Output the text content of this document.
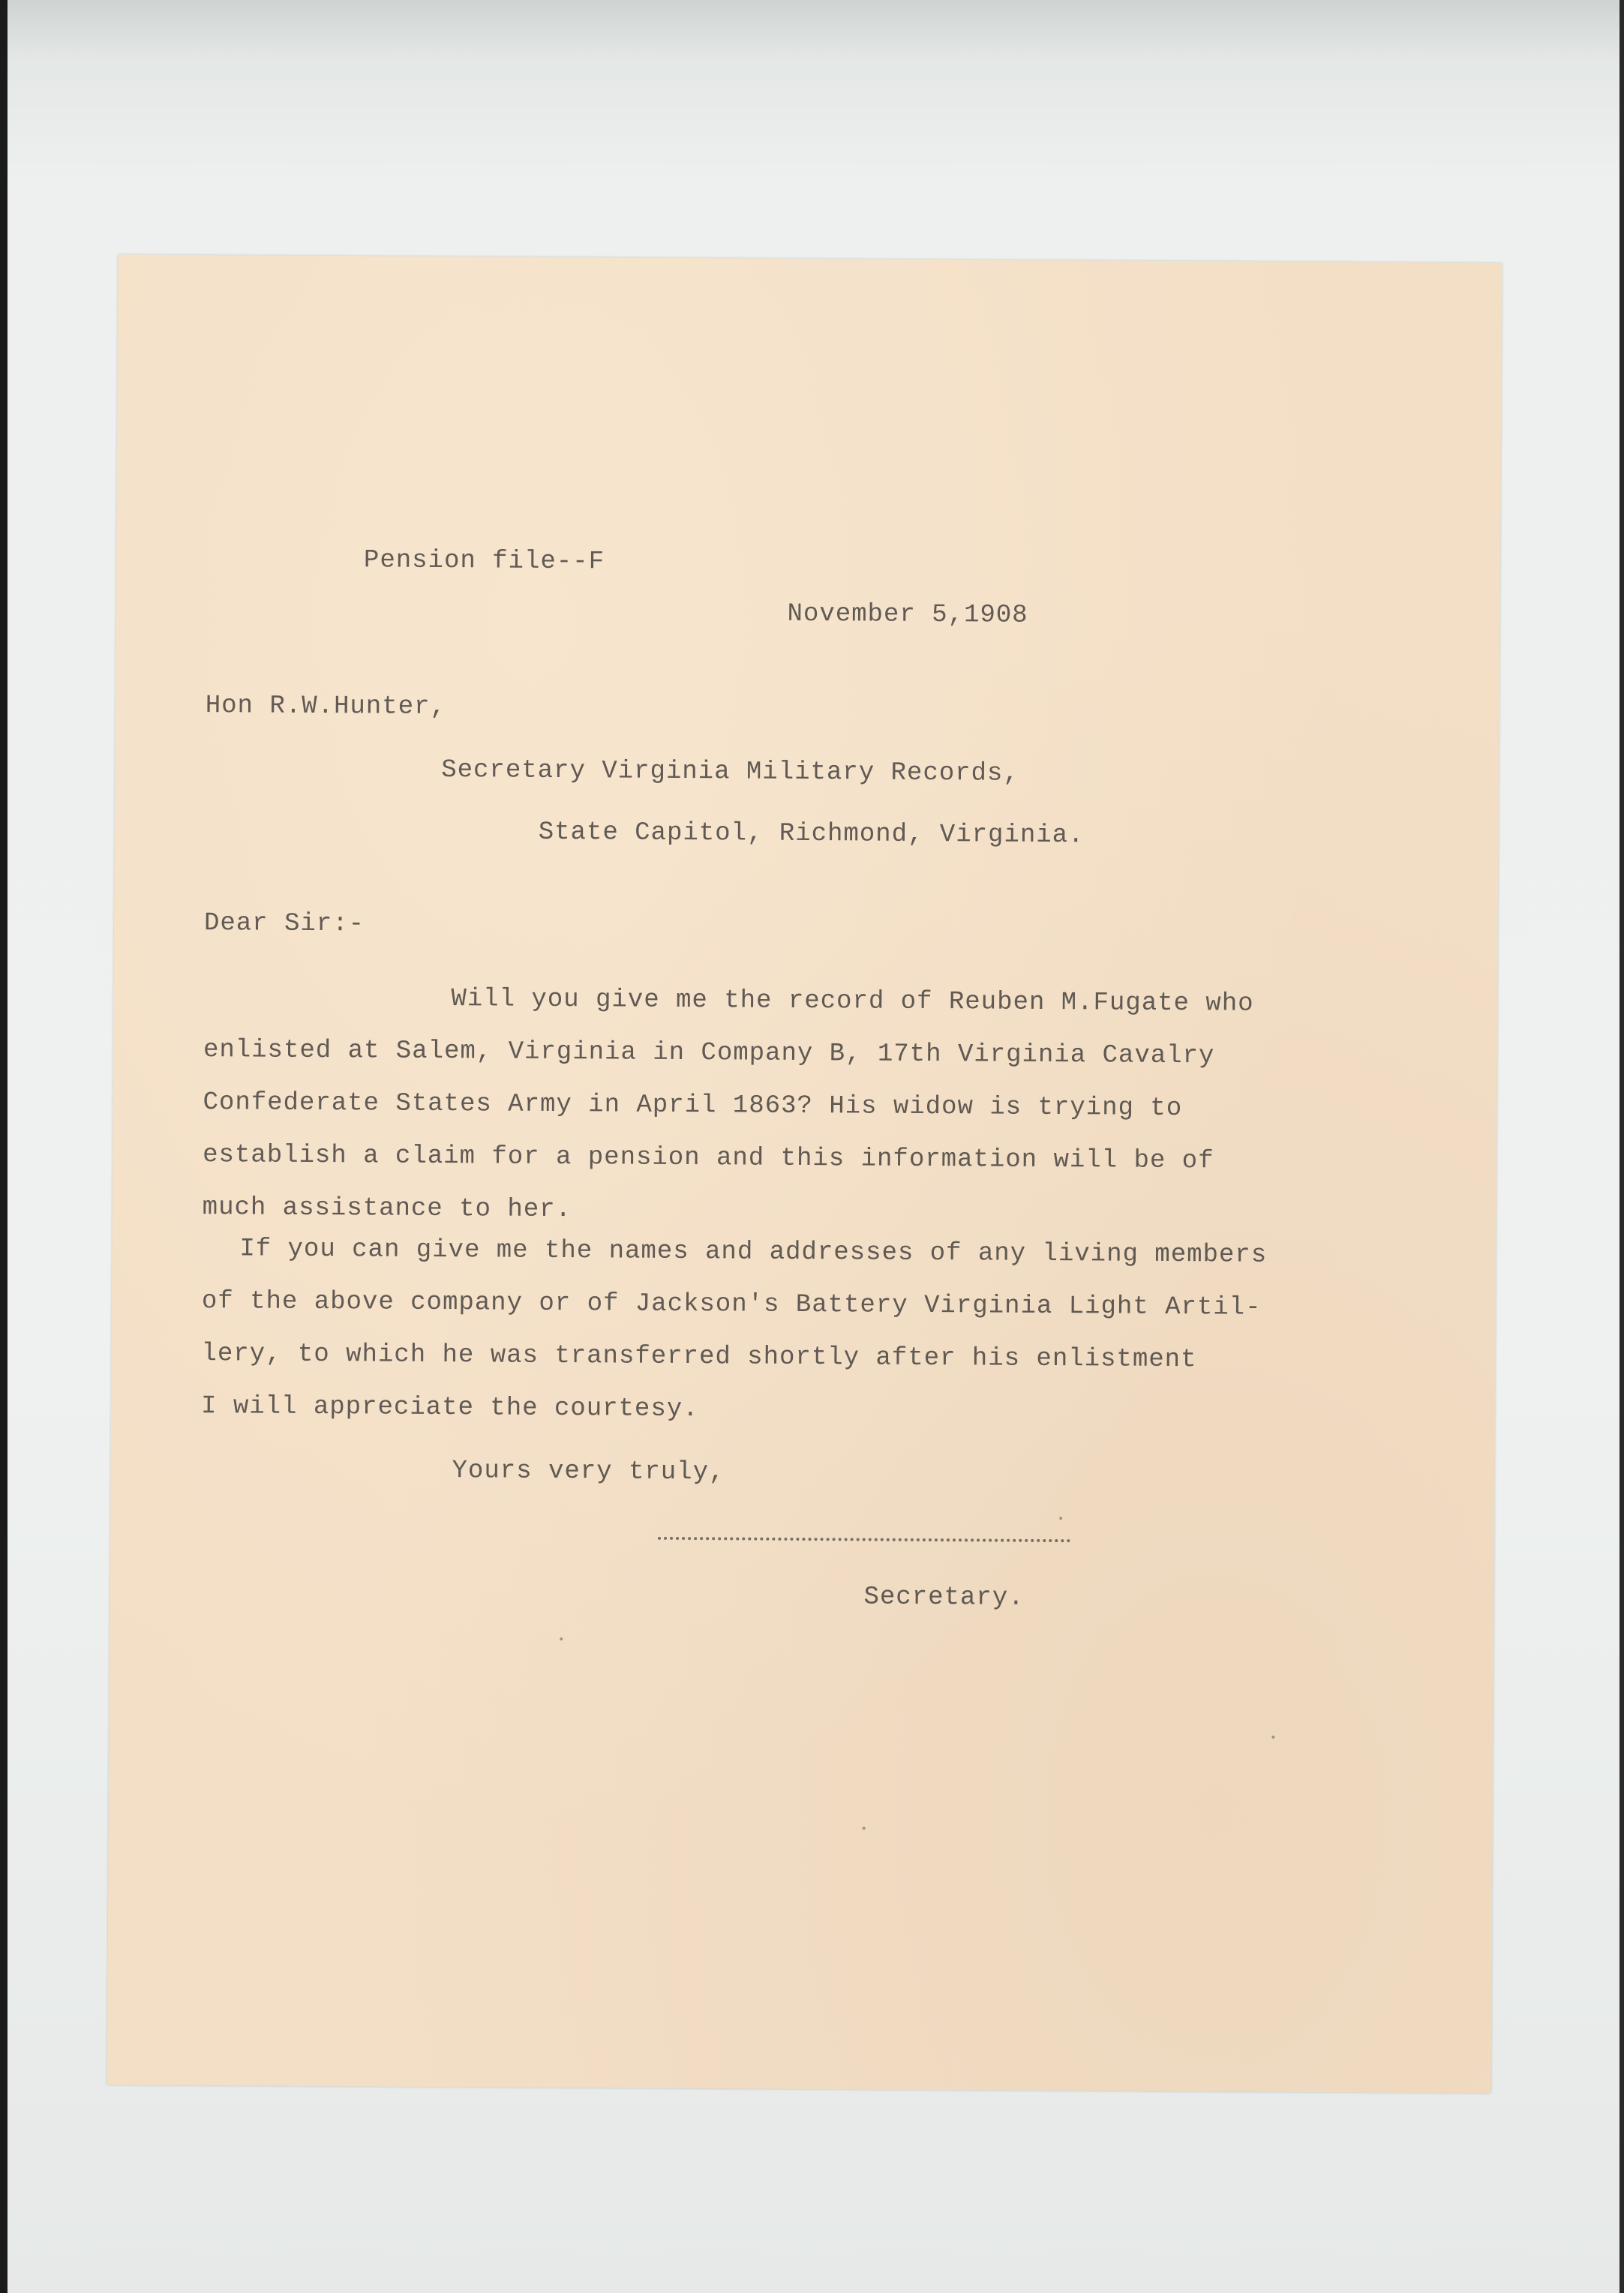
Pension file--F
November 5,1908
Hon R.W.Hunter,
Secretary Virginia Military Records,
State Capitol, Richmond, Virginia.
Dear Sir:-
Will you give me the record of Reuben M.Fugate who
enlisted at Salem, Virginia in Company B, 17th Virginia Cavalry
Confederate States Army in April 1863? His widow is trying to
establish a claim for a pension and this information will be of
much assistance to her.
If you can give me the names and addresses of any living members
of the above company or of Jackson's Battery Virginia Light Artil-
lery, to which he was transferred shortly after his enlistment
I will appreciate the courtesy.
Yours very truly,
Secretary.
